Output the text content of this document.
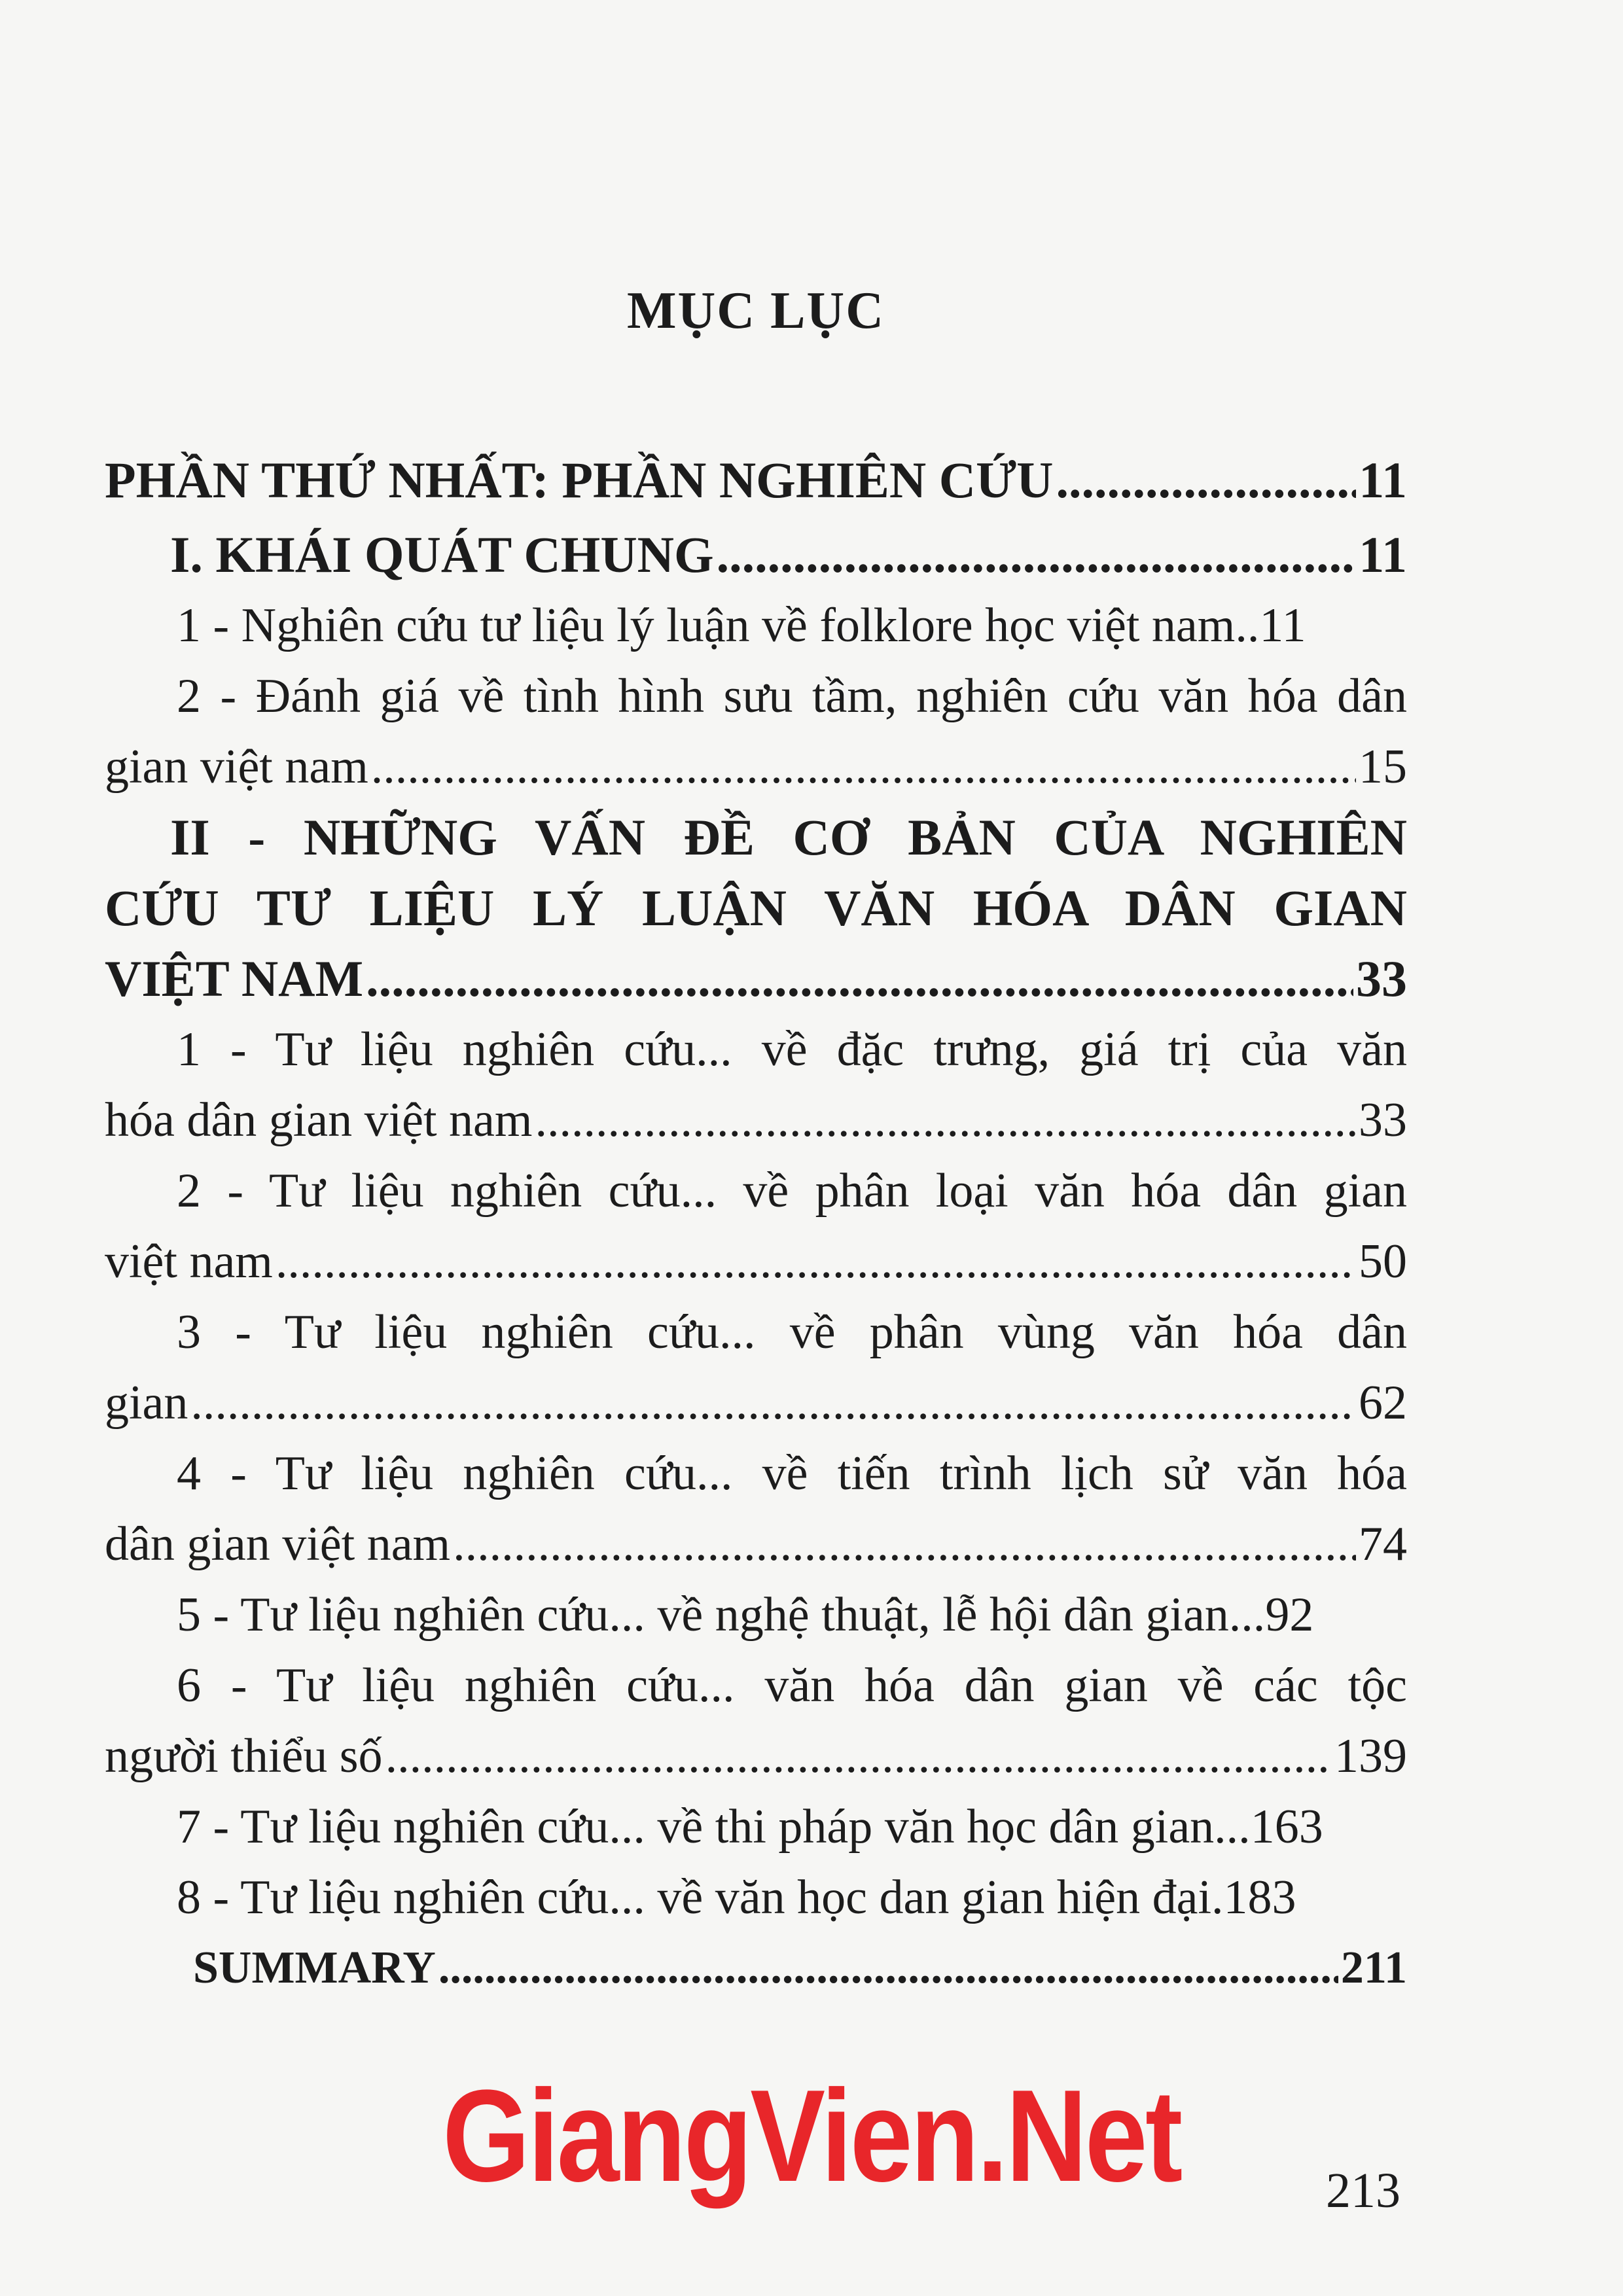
MỤC LỤC
PHẦN THỨ NHẤT: PHẦN NGHIÊN CỨU .....	11
I. KHÁI QUÁT CHUNG .....	11
1 - Nghiên cứu tư liệu lý luận về folklore học việt nam.. 11
2 - Đánh giá về tình hình sưu tầm, nghiên cứu văn hóa dân
gian việt nam .....	15
II - NHỮNG VẤN ĐỀ CƠ BẢN CỦA NGHIÊN
CỨU TƯ LIỆU LÝ LUẬN VĂN HÓA DÂN GIAN
VIỆT NAM .....	33
1 - Tư liệu nghiên cứu... về đặc trưng, giá trị của văn
hóa dân gian việt nam .....	33
2 - Tư liệu nghiên cứu... về phân loại văn hóa dân gian
việt nam .....	50
3 - Tư liệu nghiên cứu... về phân vùng văn hóa dân
gian .....	62
4 - Tư liệu nghiên cứu... về tiến trình lịch sử văn hóa
dân gian việt nam .....	74
5 - Tư liệu nghiên cứu... về nghệ thuật, lễ hội dân gian... 92
6 - Tư liệu nghiên cứu... văn hóa dân gian về các tộc
người thiểu số .....	139
7 - Tư liệu nghiên cứu... về thi pháp văn học dân gian... 163
8 - Tư liệu nghiên cứu... về văn học dan gian hiện đại. 183
SUMMARY .....	211
GiangVien.Net	213
